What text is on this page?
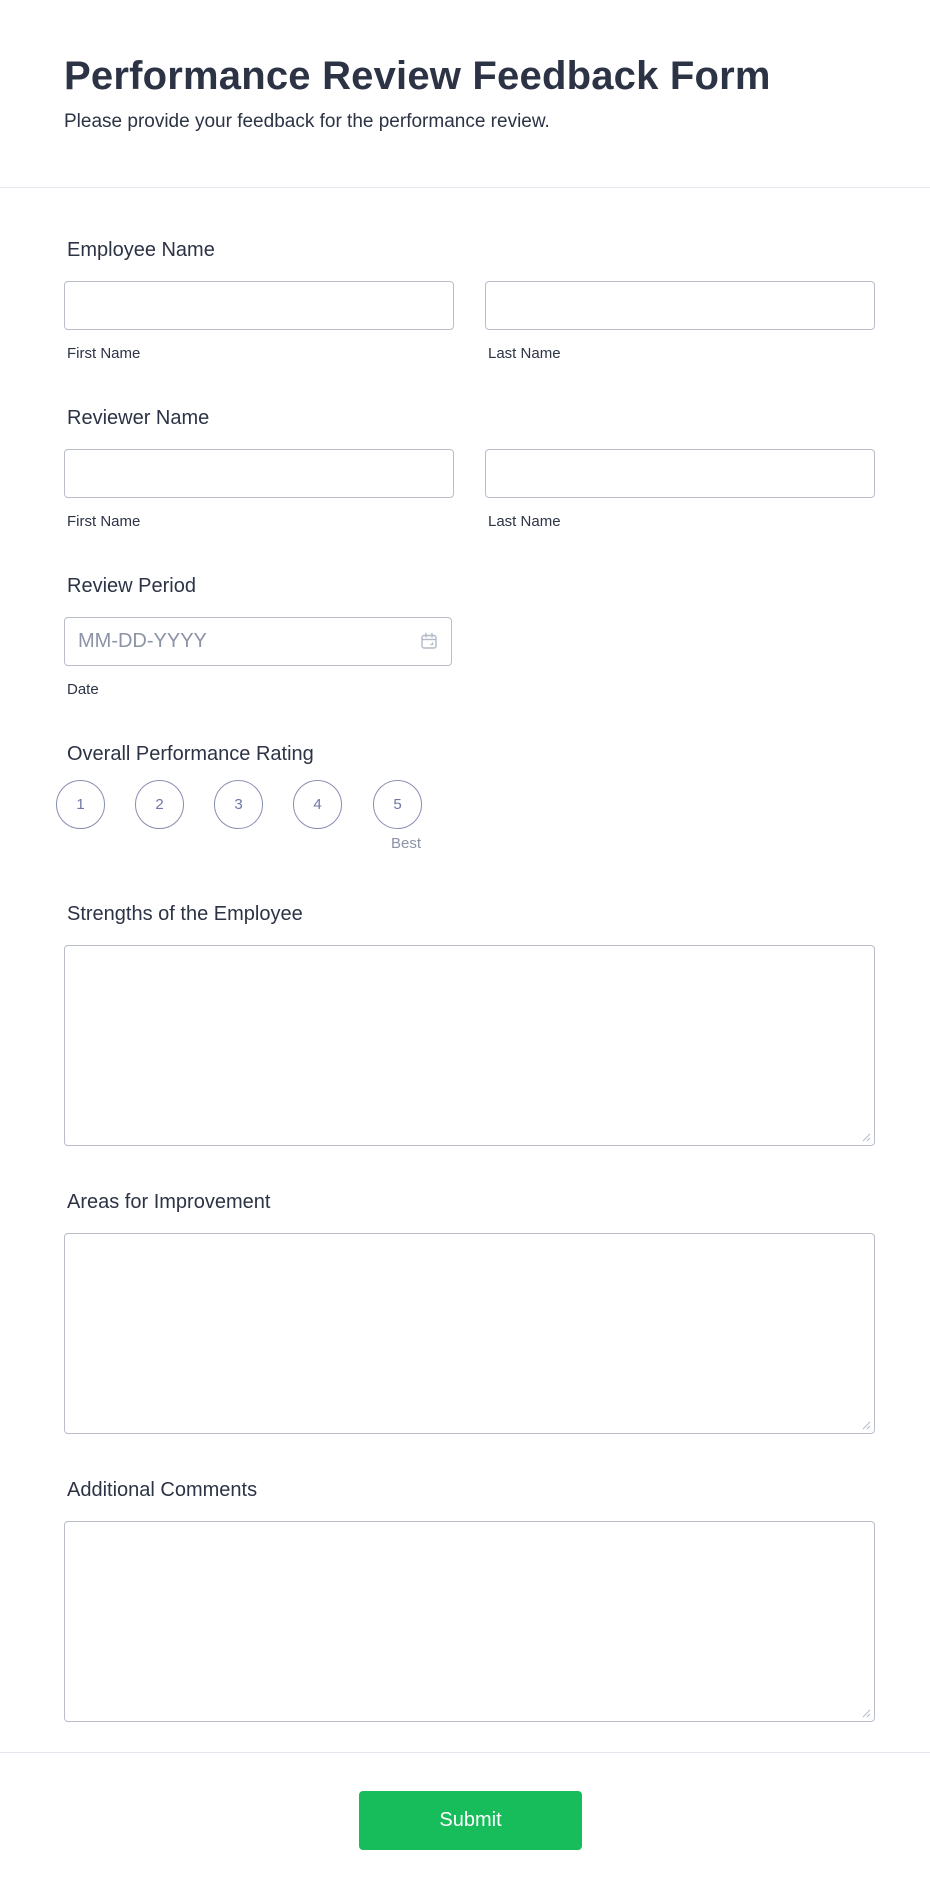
Performance Review Feedback Form

Please provide your feedback for the performance review.

Employee Name
First Name	Last Name
Reviewer Name
First Name	Last Name
Review Period
MM-DD-YYYY
Date
Overall Performance Rating
1	2	3	4	5
Best
Strengths of the Employee
Areas for Improvement
Additional Comments
Submit
